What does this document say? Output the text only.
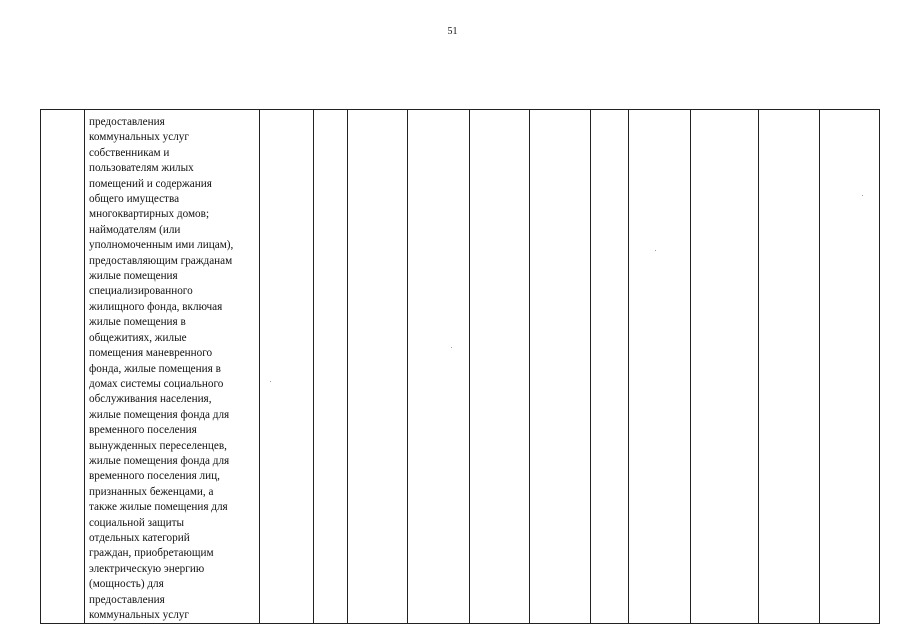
51

предоставления
коммунальных услуг
собственникам и
пользователям жилых
помещений и содержания
общего имущества
многоквартирных домов;
наймодателям (или
уполномоченным ими лицам),
предоставляющим гражданам
жилые помещения
специализированного
жилищного фонда, включая
жилые помещения в
общежитиях, жилые
помещения маневренного
фонда, жилые помещения в
домах системы социального
обслуживания населения,
жилые помещения фонда для
временного поселения
вынужденных переселенцев,
жилые помещения фонда для
временного поселения лиц,
признанных беженцами, а
также жилые помещения для
социальной защиты
отдельных категорий
граждан, приобретающим
электрическую энергию
(мощность) для
предоставления
коммунальных услуг
